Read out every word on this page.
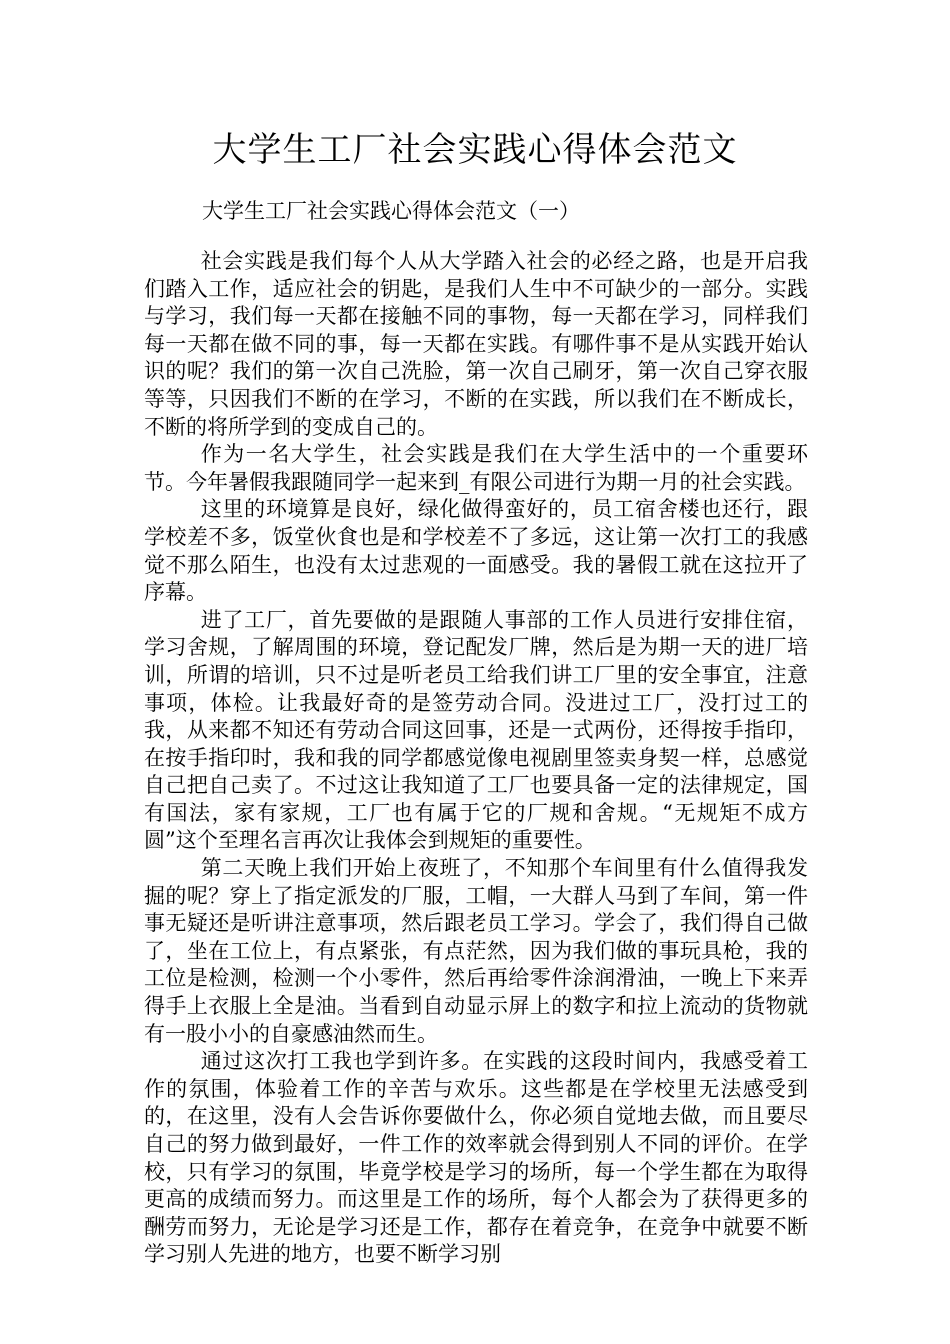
大学生工厂社会实践心得体会范文

大学生工厂社会实践心得体会范文（一）

社会实践是我们每个人从大学踏入社会的必经之路，也是开启我们踏入工作，适应社会的钥匙，是我们人生中不可缺少的一部分。实践与学习，我们每一天都在接触不同的事物，每一天都在学习，同样我们每一天都在做不同的事，每一天都在实践。有哪件事不是从实践开始认识的呢？我们的第一次自己洗脸，第一次自己刷牙，第一次自己穿衣服等等，只因我们不断的在学习，不断的在实践，所以我们在不断成长，不断的将所学到的变成自己的。

作为一名大学生，社会实践是我们在大学生活中的一个重要环节。今年暑假我跟随同学一起来到_有限公司进行为期一月的社会实践。

这里的环境算是良好，绿化做得蛮好的，员工宿舍楼也还行，跟学校差不多，饭堂伙食也是和学校差不了多远，这让第一次打工的我感觉不那么陌生，也没有太过悲观的一面感受。我的暑假工就在这拉开了序幕。

进了工厂，首先要做的是跟随人事部的工作人员进行安排住宿，学习舍规，了解周围的环境，登记配发厂牌，然后是为期一天的进厂培训，所谓的培训，只不过是听老员工给我们讲工厂里的安全事宜，注意事项，体检。让我最好奇的是签劳动合同。没进过工厂，没打过工的我，从来都不知还有劳动合同这回事，还是一式两份，还得按手指印，在按手指印时，我和我的同学都感觉像电视剧里签卖身契一样，总感觉自己把自己卖了。不过这让我知道了工厂也要具备一定的法律规定，国有国法，家有家规，工厂也有属于它的厂规和舍规。“无规矩不成方圆”这个至理名言再次让我体会到规矩的重要性。

第二天晚上我们开始上夜班了，不知那个车间里有什么值得我发掘的呢？穿上了指定派发的厂服，工帽，一大群人马到了车间，第一件事无疑还是听讲注意事项，然后跟老员工学习。学会了，我们得自己做了，坐在工位上，有点紧张，有点茫然，因为我们做的事玩具枪，我的工位是检测，检测一个小零件，然后再给零件涂润滑油，一晚上下来弄得手上衣服上全是油。当看到自动显示屏上的数字和拉上流动的货物就有一股小小的自豪感油然而生。

通过这次打工我也学到许多。在实践的这段时间内，我感受着工作的氛围，体验着工作的辛苦与欢乐。这些都是在学校里无法感受到的，在这里，没有人会告诉你要做什么，你必须自觉地去做，而且要尽自己的努力做到最好，一件工作的效率就会得到别人不同的评价。在学校，只有学习的氛围，毕竟学校是学习的场所，每一个学生都在为取得更高的成绩而努力。而这里是工作的场所，每个人都会为了获得更多的酬劳而努力，无论是学习还是工作，都存在着竞争，在竞争中就要不断学习别人先进的地方，也要不断学习别
